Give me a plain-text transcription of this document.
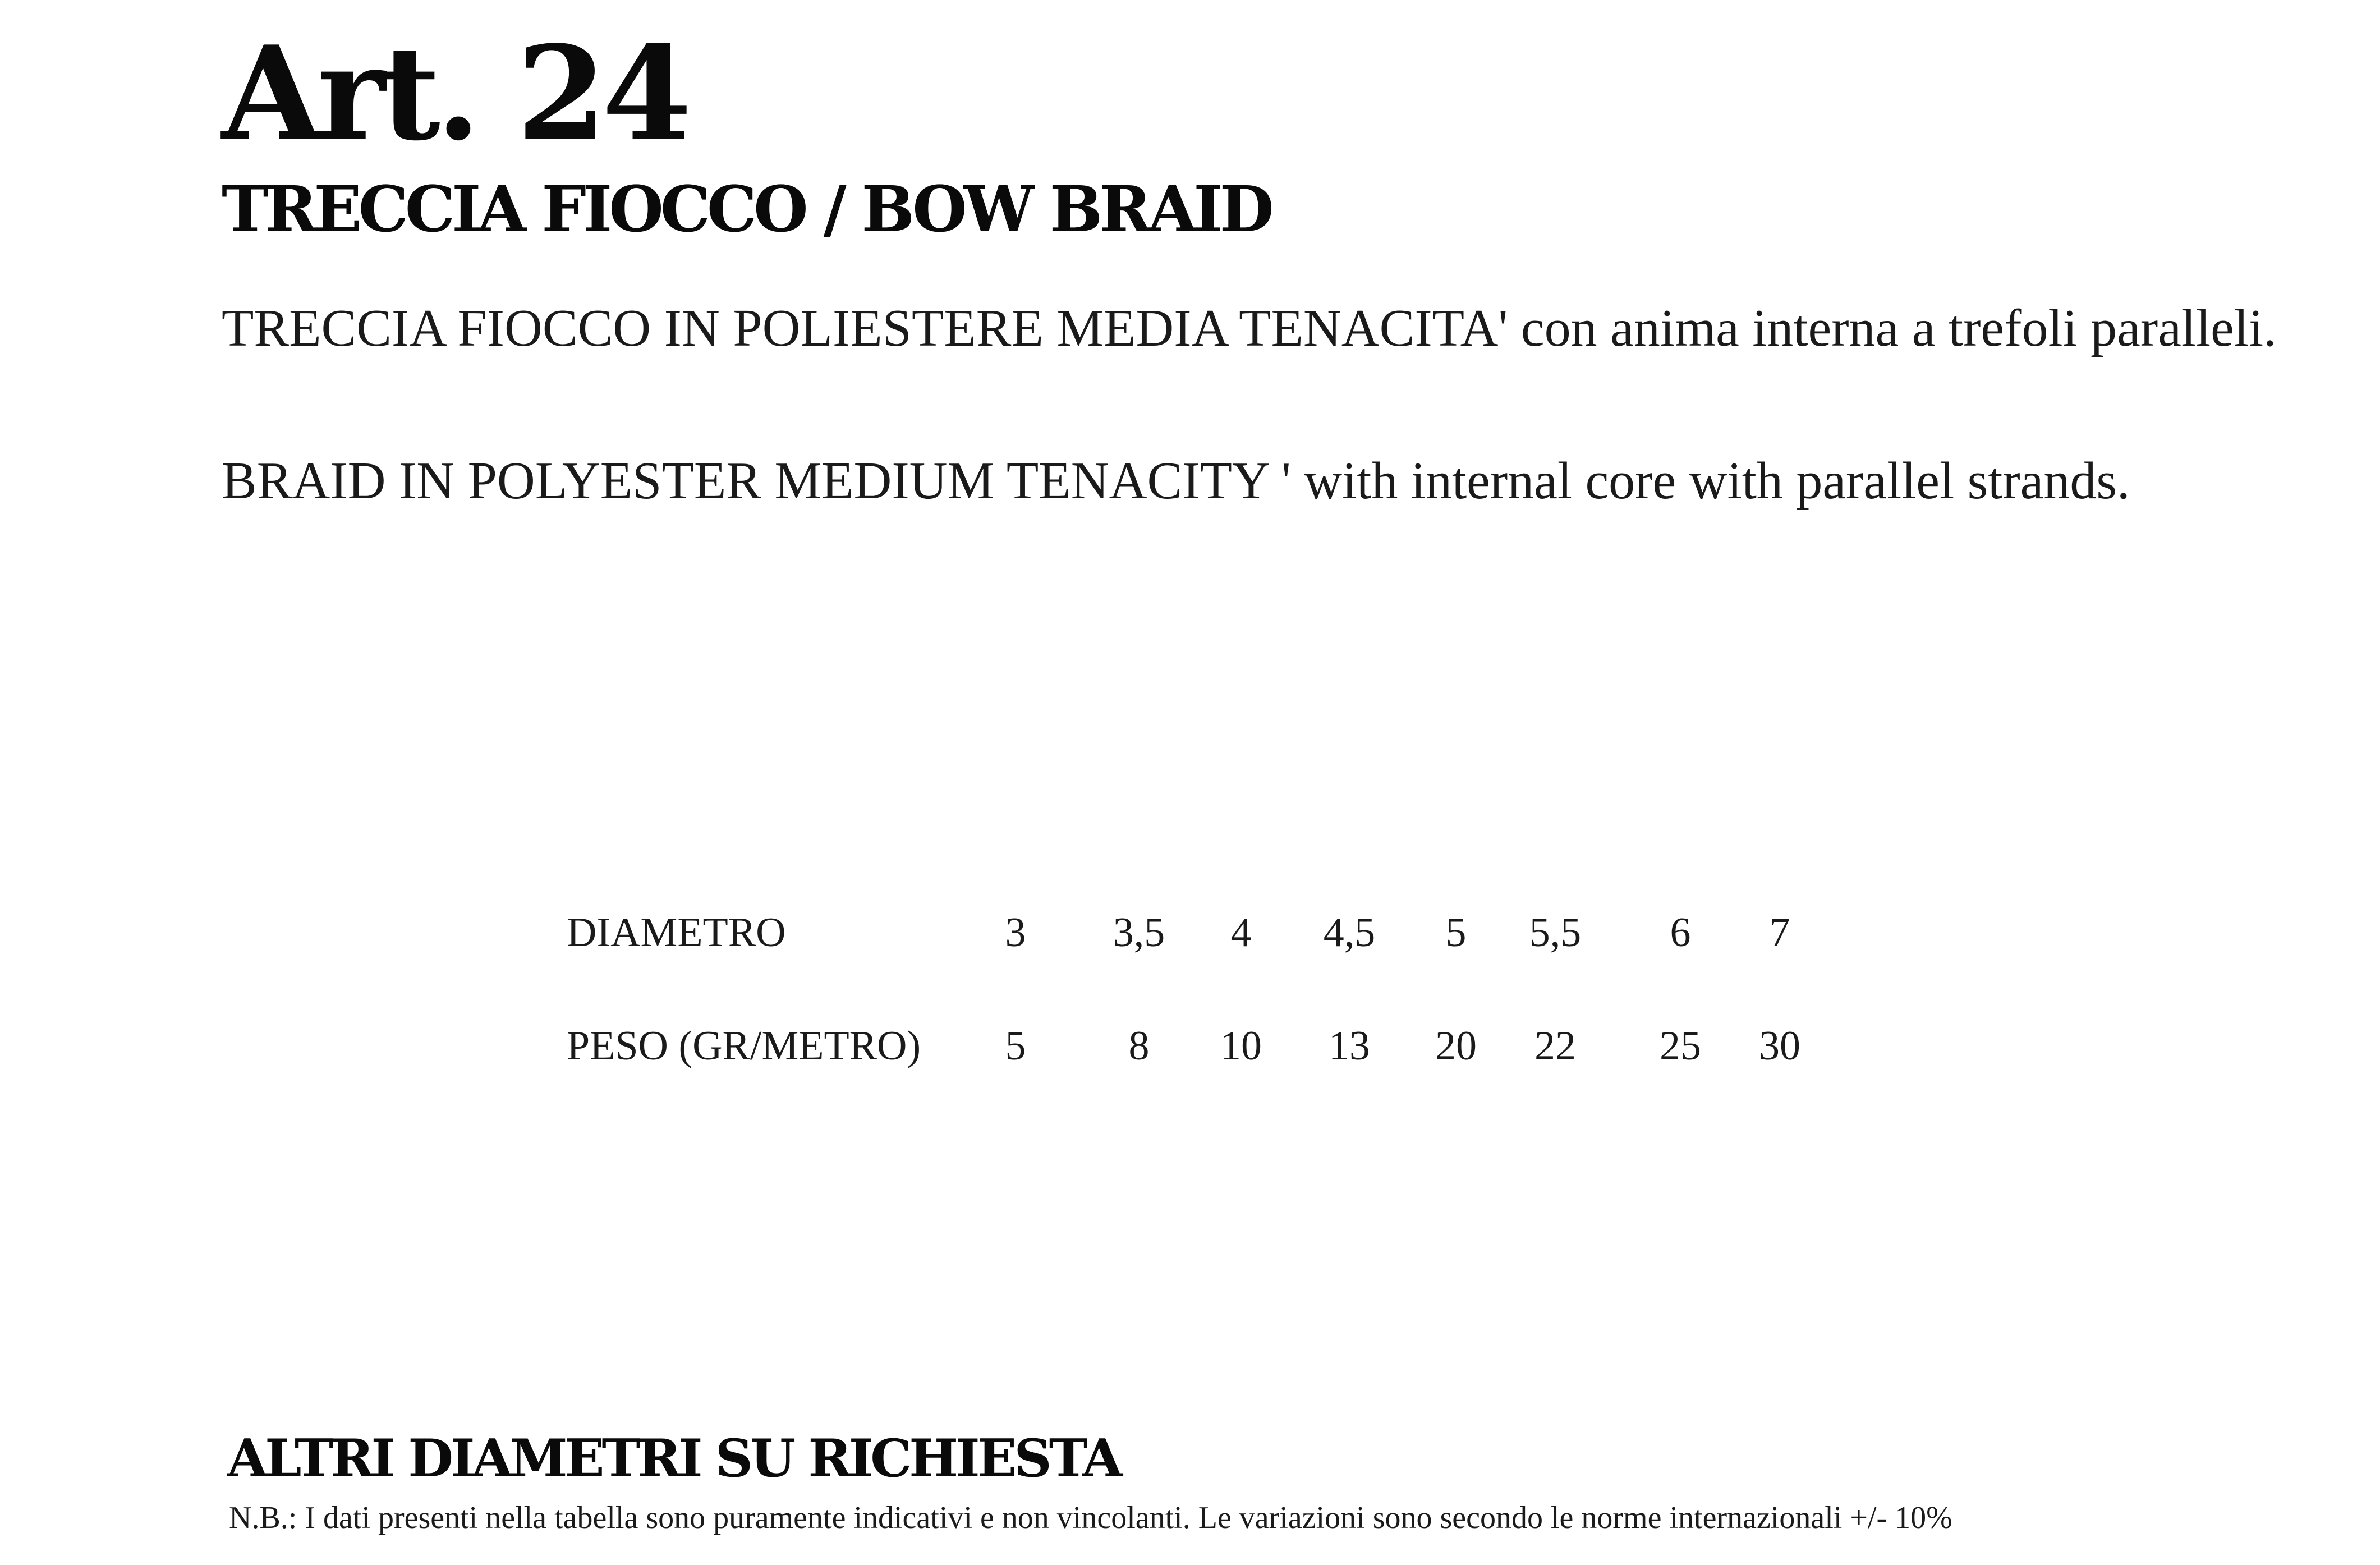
Art. 24
TRECCIA FIOCCO / BOW BRAID
TRECCIA FIOCCO IN POLIESTERE MEDIA TENACITA' con anima interna a trefoli paralleli.
BRAID IN POLYESTER MEDIUM TENACITY ' with internal core with parallel strands.
DIAMETRO	3	3,5	4	4,5	5	5,5	6	7
PESO (GR/METRO)	5	8	10	13	20	22	25	30
ALTRI DIAMETRI SU RICHIESTA
N.B.: I dati presenti nella tabella sono puramente indicativi e non vincolanti. Le variazioni sono secondo le norme internazionali +/- 10%
